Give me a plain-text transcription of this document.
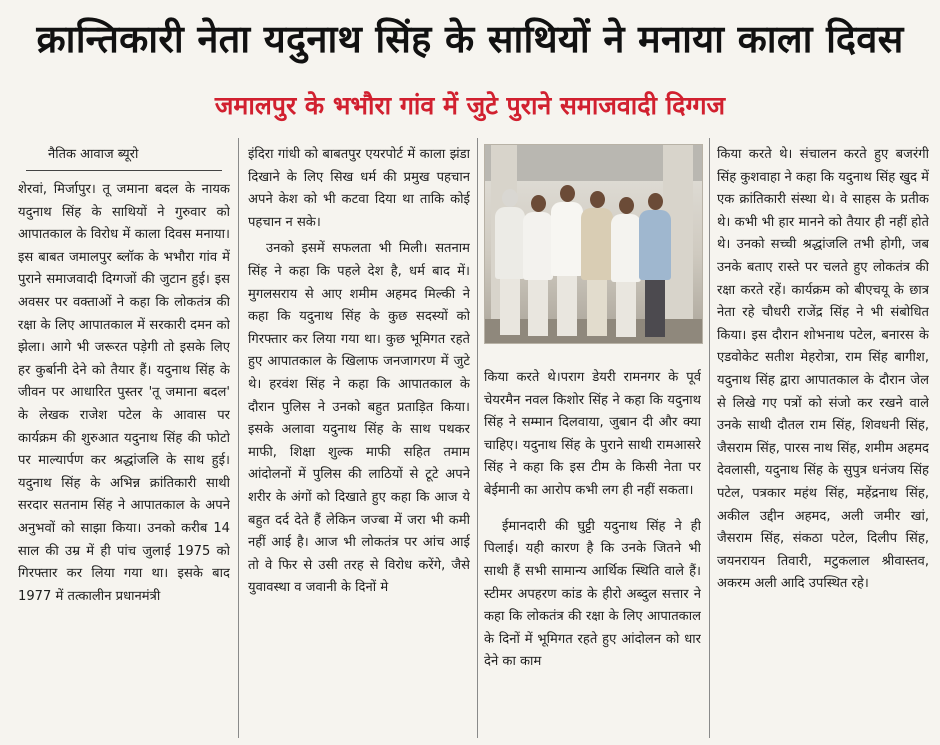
क्रान्तिकारी नेता यदुनाथ सिंह के साथियों ने मनाया काला दिवस
जमालपुर के भभौरा गांव में जुटे पुराने समाजवादी दिग्गज
नैतिक आवाज ब्यूरो

शेरवां, मिर्जापुर। तू जमाना बदल के नायक यदुनाथ सिंह के साथियों ने गुरुवार को आपातकाल के विरोध में काला दिवस मनाया। इस बाबत जमालपुर ब्लॉक के भभौरा गांव में पुराने समाजवादी दिग्गजों की जुटान हुई। इस अवसर पर वक्ताओं ने कहा कि लोकतंत्र की रक्षा के लिए आपातकाल में सरकारी दमन को झेला। आगे भी जरूरत पड़ेगी तो इसके लिए हर कुर्बानी देने को तैयार हैं। यदुनाथ सिंह के जीवन पर आधारित पुस्तर 'तू जमाना बदल' के लेखक राजेश पटेल के आवास पर कार्यक्रम की शुरुआत यदुनाथ सिंह की फोटो पर माल्यार्पण कर श्रद्धांजलि के साथ हुई। यदुनाथ सिंह के अभिन्न क्रांतिकारी साथी सरदार सतनाम सिंह ने आपातकाल के अपने अनुभवों को साझा किया। उनको करीब 14 साल की उम्र में ही पांच जुलाई 1975 को गिरफ्तार कर लिया गया था। इसके बाद 1977 में तत्कालीन प्रधानमंत्री

इंदिरा गांधी को बाबतपुर एयरपोर्ट में काला झंडा दिखाने के लिए सिख धर्म की प्रमुख पहचान अपने केश को भी कटवा दिया था ताकि कोई पहचान न सके।

उनको इसमें सफलता भी मिली। सतनाम सिंह ने कहा कि पहले देश है, धर्म बाद में। मुगलसराय से आए शमीम अहमद मिल्की ने कहा कि यदुनाथ सिंह के कुछ सदस्यों को गिरफ्तार कर लिया गया था। कुछ भूमिगत रहते हुए आपातकाल के खिलाफ जनजागरण में जुटे थे। हरवंश सिंह ने कहा कि आपातकाल के दौरान पुलिस ने उनको बहुत प्रताड़ित किया। इसके अलावा यदुनाथ सिंह के साथ पथकर माफी, शिक्षा शुल्क माफी सहित तमाम आंदोलनों में पुलिस की लाठियों से टूटे अपने शरीर के अंगों को दिखाते हुए कहा कि आज ये बहुत दर्द देते हैं लेकिन जज्बा में जरा भी कमी नहीं आई है। आज भी लोकतंत्र पर आंच आई तो वे फिर से उसी तरह से विरोध करेंगे, जैसे युवावस्था व जवानी के दिनों मे

किया करते थे।पराग डेयरी रामनगर के पूर्व चेयरमैन नवल किशोर सिंह ने कहा कि यदुनाथ सिंह ने सम्मान दिलवाया, जुबान दी और क्या चाहिए। यदुनाथ सिंह के पुराने साथी रामआसरे सिंह ने कहा कि इस टीम के किसी नेता पर बेईमानी का आरोप कभी लग ही नहीं सकता।

ईमानदारी की घुट्टी यदुनाथ सिंह ने ही पिलाई। यही कारण है कि उनके जितने भी साथी हैं सभी सामान्य आर्थिक स्थिति वाले हैं। स्टीमर अपहरण कांड के हीरो अब्दुल सत्तार ने कहा कि लोकतंत्र की रक्षा के लिए आपातकाल के दिनों में भूमिगत रहते हुए आंदोलन को धार देने का काम

किया करते थे। संचालन करते हुए बजरंगी सिंह कुशवाहा ने कहा कि यदुनाथ सिंह खुद में एक क्रांतिकारी संस्था थे। वे साहस के प्रतीक थे। कभी भी हार मानने को तैयार ही नहीं होते थे। उनको सच्ची श्रद्धांजलि तभी होगी, जब उनके बताए रास्ते पर चलते हुए लोकतंत्र की रक्षा करते रहें। कार्यक्रम को बीएचयू के छात्र नेता रहे चौधरी राजेंद्र सिंह ने भी संबोधित किया। इस दौरान शोभनाथ पटेल, बनारस के एडवोकेट सतीश मेहरोत्रा, राम सिंह बागीश, यदुनाथ सिंह द्वारा आपातकाल के दौरान जेल से लिखे गए पत्रों को संजो कर रखने वाले उनके साथी दौतल राम सिंह, शिवधनी सिंह, जैसराम सिंह, पारस नाथ सिंह, शमीम अहमद देवलासी, यदुनाथ सिंह के सुपुत्र धनंजय सिंह पटेल, पत्रकार महंथ सिंह, महेंद्रनाथ सिंह, अकील उद्दीन अहमद, अली जमीर खां, जैसराम सिंह, संकठा पटेल, दिलीप सिंह, जयनरायन तिवारी, मटुकलाल श्रीवास्तव, अकरम अली आदि उपस्थित रहे।
